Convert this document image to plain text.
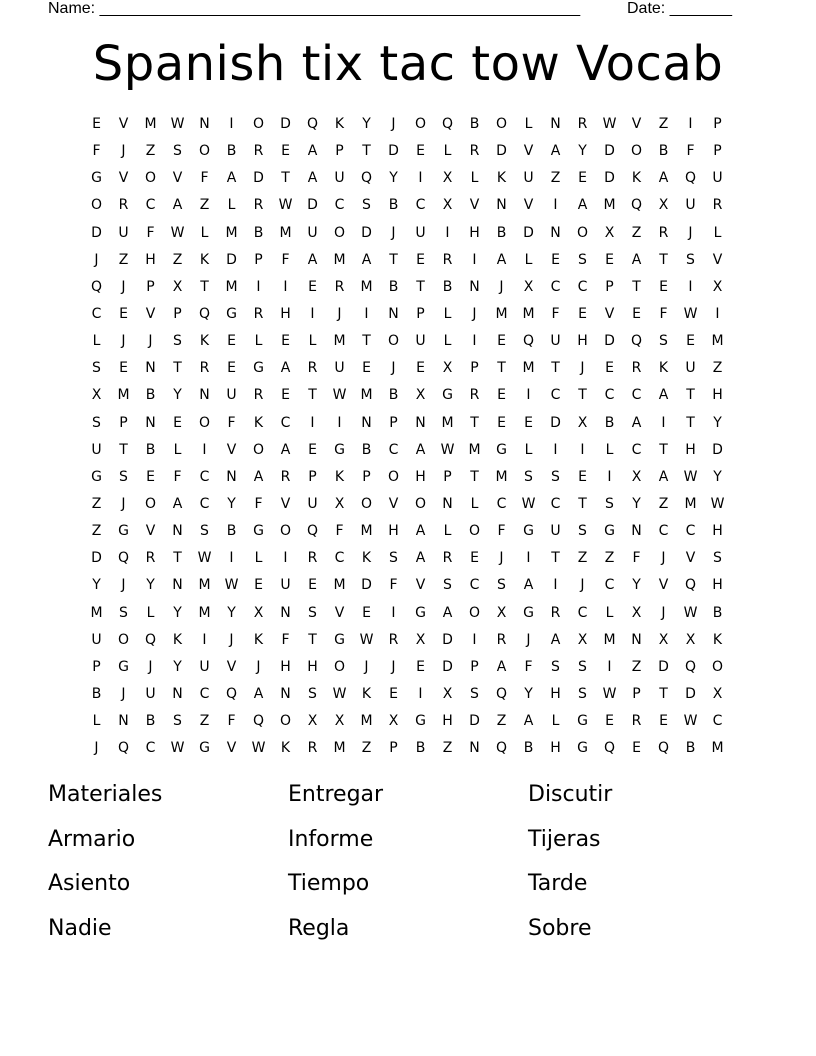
Name: ______________________________________________________	Date: _______
Spanish tix tac tow Vocab
E	V	M	W	N	I	O	D	Q	K	Y	J	O	Q	B	O	L	N	R	W	V	Z	I	P
F	J	Z	S	O	B	R	E	A	P	T	D	E	L	R	D	V	A	Y	D	O	B	F	P
G	V	O	V	F	A	D	T	A	U	Q	Y	I	X	L	K	U	Z	E	D	K	A	Q	U
O	R	C	A	Z	L	R	W	D	C	S	B	C	X	V	N	V	I	A	M	Q	X	U	R
D	U	F	W	L	M	B	M	U	O	D	J	U	I	H	B	D	N	O	X	Z	R	J	L
J	Z	H	Z	K	D	P	F	A	M	A	T	E	R	I	A	L	E	S	E	A	T	S	V
Q	J	P	X	T	M	I	I	E	R	M	B	T	B	N	J	X	C	C	P	T	E	I	X
C	E	V	P	Q	G	R	H	I	J	I	N	P	L	J	M	M	F	E	V	E	F	W	I
L	J	J	S	K	E	L	E	L	M	T	O	U	L	I	E	Q	U	H	D	Q	S	E	M
S	E	N	T	R	E	G	A	R	U	E	J	E	X	P	T	M	T	J	E	R	K	U	Z
X	M	B	Y	N	U	R	E	T	W	M	B	X	G	R	E	I	C	T	C	C	A	T	H
S	P	N	E	O	F	K	C	I	I	N	P	N	M	T	E	E	D	X	B	A	I	T	Y
U	T	B	L	I	V	O	A	E	G	B	C	A	W	M	G	L	I	I	L	C	T	H	D
G	S	E	F	C	N	A	R	P	K	P	O	H	P	T	M	S	S	E	I	X	A	W	Y
Z	J	O	A	C	Y	F	V	U	X	O	V	O	N	L	C	W	C	T	S	Y	Z	M	W
Z	G	V	N	S	B	G	O	Q	F	M	H	A	L	O	F	G	U	S	G	N	C	C	H
D	Q	R	T	W	I	L	I	R	C	K	S	A	R	E	J	I	T	Z	Z	F	J	V	S
Y	J	Y	N	M	W	E	U	E	M	D	F	V	S	C	S	A	I	J	C	Y	V	Q	H
M	S	L	Y	M	Y	X	N	S	V	E	I	G	A	O	X	G	R	C	L	X	J	W	B
U	O	Q	K	I	J	K	F	T	G	W	R	X	D	I	R	J	A	X	M	N	X	X	K
P	G	J	Y	U	V	J	H	H	O	J	J	E	D	P	A	F	S	S	I	Z	D	Q	O
B	J	U	N	C	Q	A	N	S	W	K	E	I	X	S	Q	Y	H	S	W	P	T	D	X
L	N	B	S	Z	F	Q	O	X	X	M	X	G	H	D	Z	A	L	G	E	R	E	W	C
J	Q	C	W	G	V	W	K	R	M	Z	P	B	Z	N	Q	B	H	G	Q	E	Q	B	M
Materiales	Entregar	Discutir
Armario	Informe	Tijeras
Asiento	Tiempo	Tarde
Nadie	Regla	Sobre
